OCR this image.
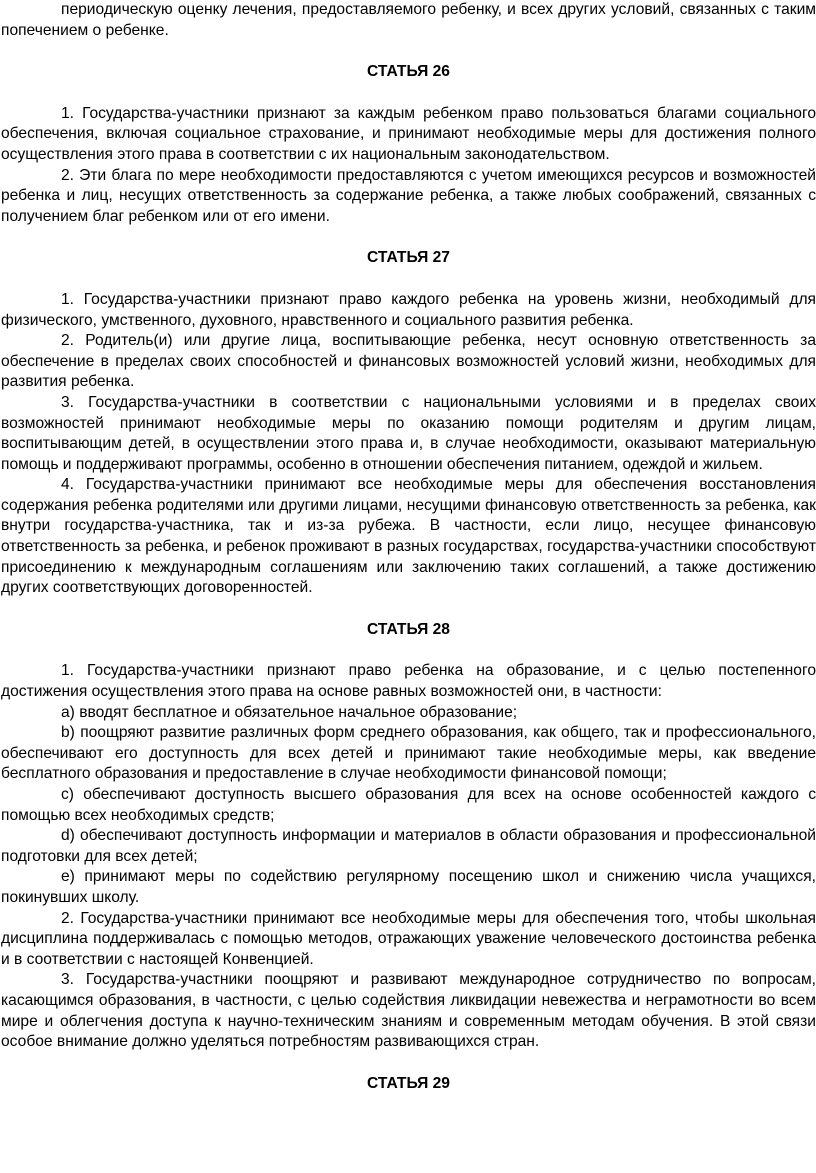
периодическую оценку лечения, предоставляемого ребенку, и всех других условий, связанных с таким попечением о ребенке.

СТАТЬЯ 26

1. Государства-участники признают за каждым ребенком право пользоваться благами социального обеспечения, включая социальное страхование, и принимают необходимые меры для достижения полного осуществления этого права в соответствии с их национальным законодательством.

2. Эти блага по мере необходимости предоставляются с учетом имеющихся ресурсов и возможностей ребенка и лиц, несущих ответственность за содержание ребенка, а также любых соображений, связанных с получением благ ребенком или от его имени.

СТАТЬЯ 27

1. Государства-участники признают право каждого ребенка на уровень жизни, необходимый для физического, умственного, духовного, нравственного и социального развития ребенка.

2. Родитель(и) или другие лица, воспитывающие ребенка, несут основную ответственность за обеспечение в пределах своих способностей и финансовых возможностей условий жизни, необходимых для развития ребенка.

3. Государства-участники в соответствии с национальными условиями и в пределах своих возможностей принимают необходимые меры по оказанию помощи родителям и другим лицам, воспитывающим детей, в осуществлении этого права и, в случае необходимости, оказывают материальную помощь и поддерживают программы, особенно в отношении обеспечения питанием, одеждой и жильем.

4. Государства-участники принимают все необходимые меры для обеспечения восстановления содержания ребенка родителями или другими лицами, несущими финансовую ответственность за ребенка, как внутри государства-участника, так и из-за рубежа. В частности, если лицо, несущее финансовую ответственность за ребенка, и ребенок проживают в разных государствах, государства-участники способствуют присоединению к международным соглашениям или заключению таких соглашений, а также достижению других соответствующих договоренностей.

СТАТЬЯ 28

1. Государства-участники признают право ребенка на образование, и с целью постепенного достижения осуществления этого права на основе равных возможностей они, в частности:

a) вводят бесплатное и обязательное начальное образование;

b) поощряют развитие различных форм среднего образования, как общего, так и профессионального, обеспечивают его доступность для всех детей и принимают такие необходимые меры, как введение бесплатного образования и предоставление в случае необходимости финансовой помощи;

c) обеспечивают доступность высшего образования для всех на основе особенностей каждого с помощью всех необходимых средств;

d) обеспечивают доступность информации и материалов в области образования и профессиональной подготовки для всех детей;

e) принимают меры по содействию регулярному посещению школ и снижению числа учащихся, покинувших школу.

2. Государства-участники принимают все необходимые меры для обеспечения того, чтобы школьная дисциплина поддерживалась с помощью методов, отражающих уважение человеческого достоинства ребенка и в соответствии с настоящей Конвенцией.

3. Государства-участники поощряют и развивают международное сотрудничество по вопросам, касающимся образования, в частности, с целью содействия ликвидации невежества и неграмотности во всем мире и облегчения доступа к научно-техническим знаниям и современным методам обучения. В этой связи особое внимание должно уделяться потребностям развивающихся стран.

СТАТЬЯ 29
